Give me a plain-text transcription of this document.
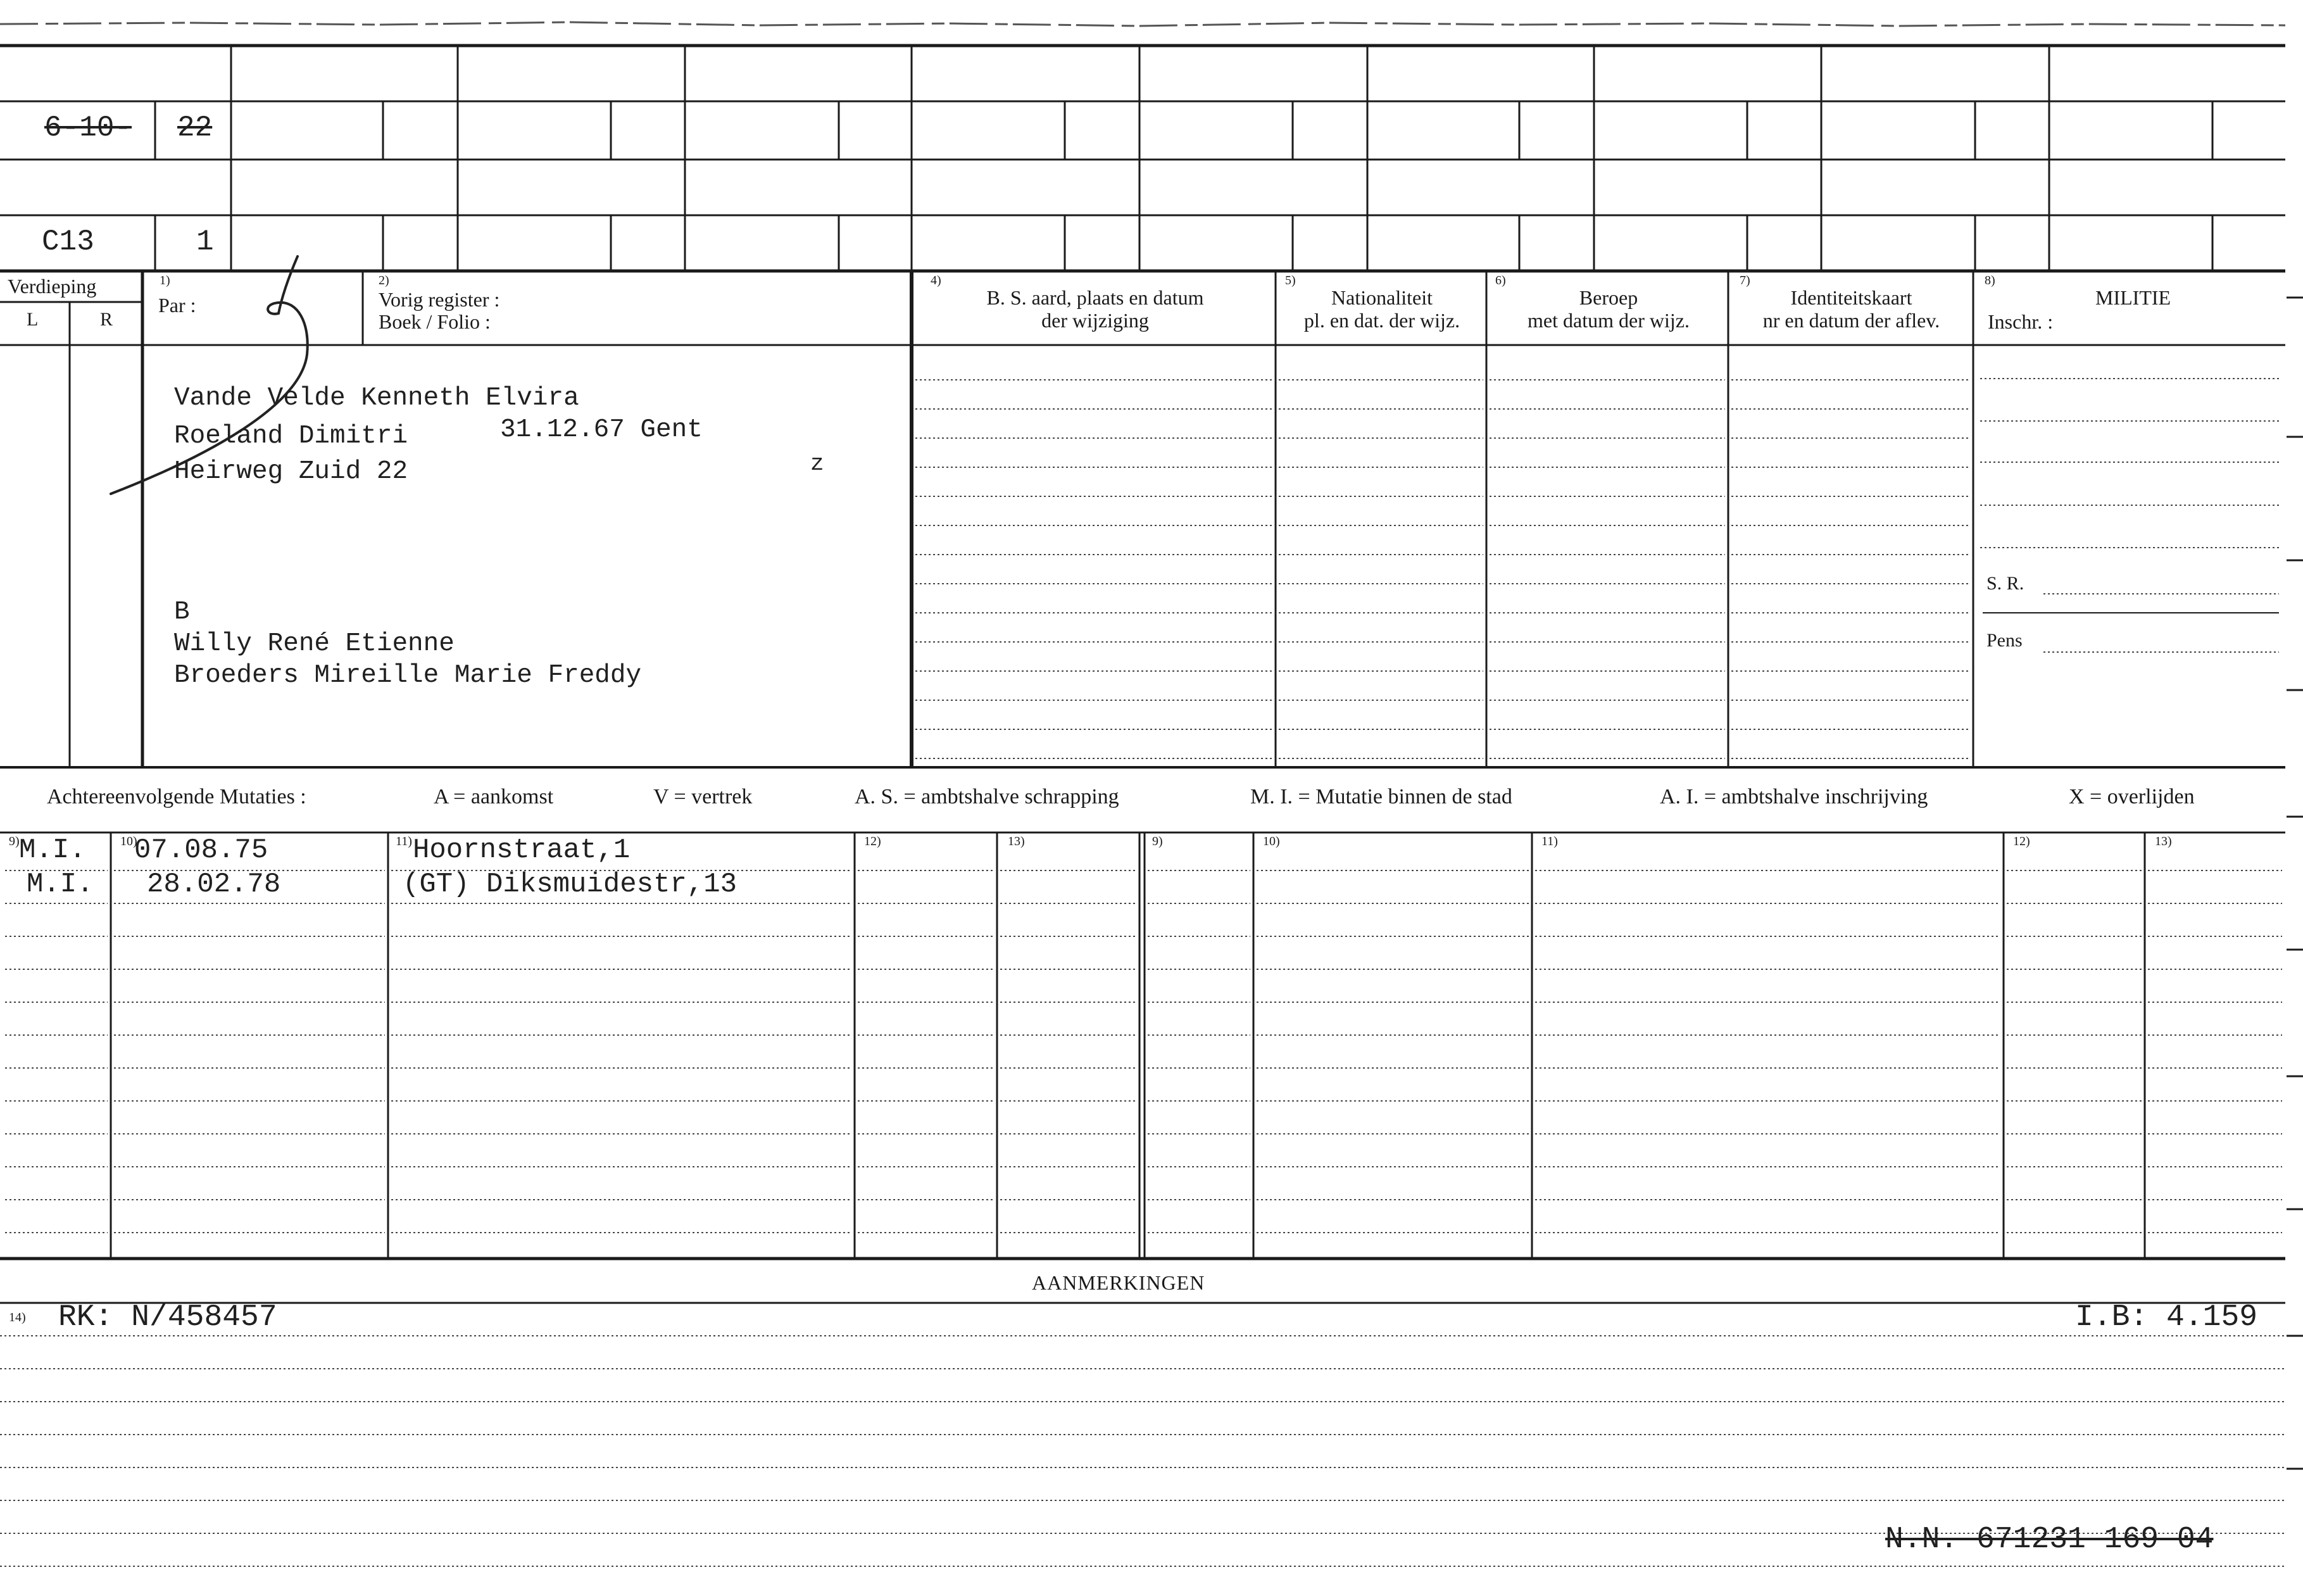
6-10- 22
C13	1
Verdieping
L	R
1)
Par :
2)
Vorig register :
Boek / Folio :
4)
B. S. aard, plaats en datum
der wijziging
5)
Nationaliteit
pl. en dat. der wijz.
6)
Beroep
met datum der wijz.
7)
Identiteitskaart
nr en datum der aflev.
8)
MILITIE
Inschr. :
S. R.
Pens
Vande Velde Kenneth Elvira
Roeland Dimitri	31.12.67 Gent
Heirweg Zuid 22	z
B
Willy René Etienne
Broeders Mireille Marie Freddy
Achtereenvolgende Mutaties :	A = aankomst	V = vertrek	A. S. = ambtshalve schrapping	M. I. = Mutatie binnen de stad	A. I. = ambtshalve inschrijving	X = overlijden
9)	10)	11)	12)	13)	9)	10)	11)	12)	13)
M.I. 07.08.75	Hoornstraat,1
M.I. 28.02.78	(GT) Diksmuidestr,13
AANMERKINGEN
14) RK: N/458457	I.B: 4.159
N.N. 671231 169 04
